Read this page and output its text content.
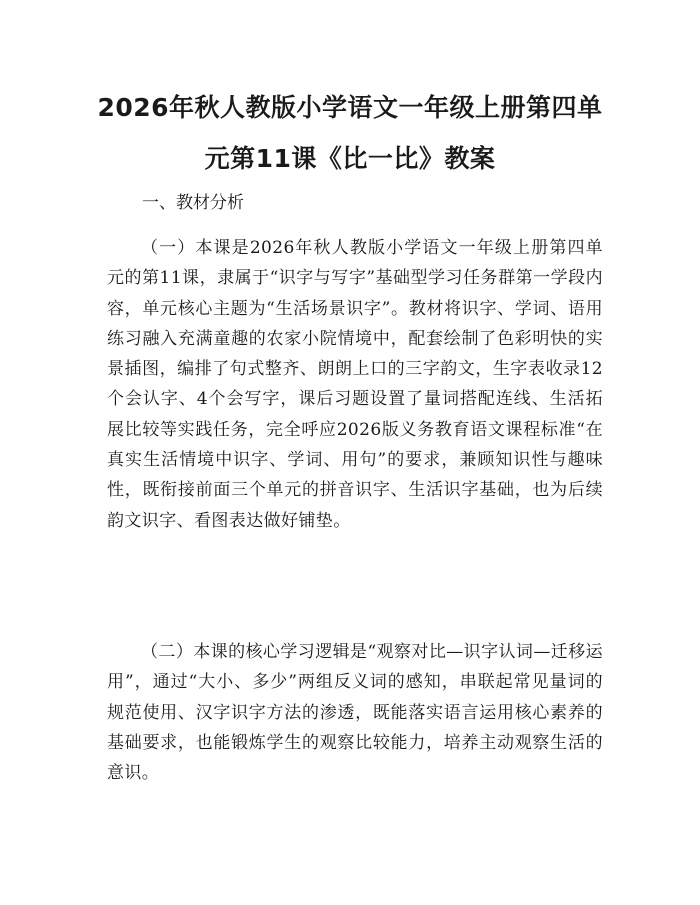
2026年秋人教版小学语文一年级上册第四单
元第11课《比一比》教案
一、教材分析

（一）本课是2026年秋人教版小学语文一年级上册第四单元的第11课，隶属于“识字与写字”基础型学习任务群第一学段内容，单元核心主题为“生活场景识字”。教材将识字、学词、语用练习融入充满童趣的农家小院情境中，配套绘制了色彩明快的实景插图，编排了句式整齐、朗朗上口的三字韵文，生字表收录12个会认字、4个会写字，课后习题设置了量词搭配连线、生活拓展比较等实践任务，完全呼应2026版义务教育语文课程标准“在真实生活情境中识字、学词、用句”的要求，兼顾知识性与趣味性，既衔接前面三个单元的拼音识字、生活识字基础，也为后续韵文识字、看图表达做好铺垫。

（二）本课的核心学习逻辑是“观察对比—识字认词—迁移运用”，通过“大小、多少”两组反义词的感知，串联起常见量词的规范使用、汉字识字方法的渗透，既能落实语言运用核心素养的基础要求，也能锻炼学生的观察比较能力，培养主动观察生活的意识。
